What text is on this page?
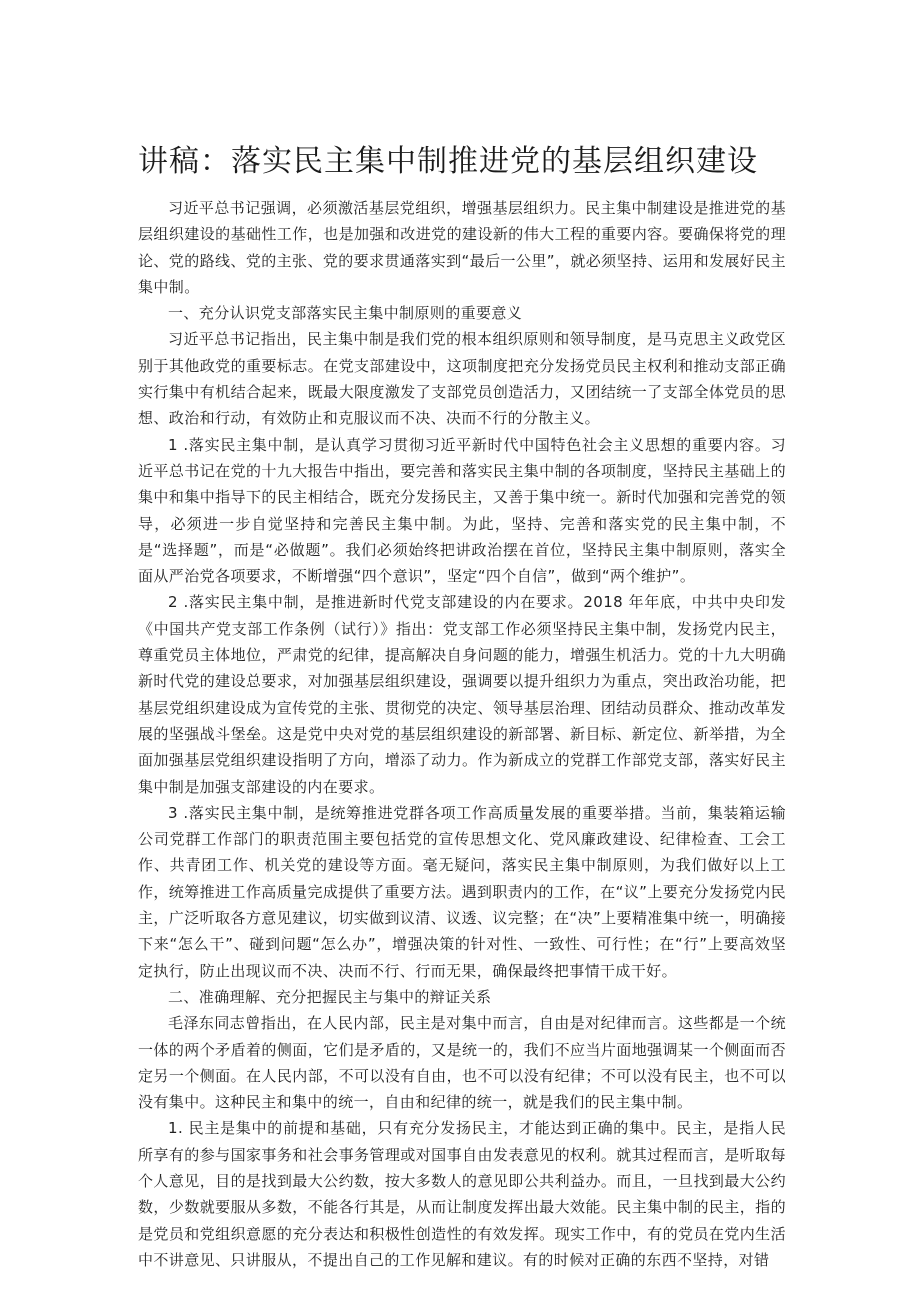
讲稿：落实民主集中制推进党的基层组织建设

习近平总书记强调，必须激活基层党组织，增强基层组织力。民主集中制建设是推进党的基层组织建设的基础性工作，也是加强和改进党的建设新的伟大工程的重要内容。要确保将党的理论、党的路线、党的主张、党的要求贯通落实到“最后一公里”，就必须坚持、运用和发展好民主集中制。

一、充分认识党支部落实民主集中制原则的重要意义

习近平总书记指出，民主集中制是我们党的根本组织原则和领导制度，是马克思主义政党区别于其他政党的重要标志。在党支部建设中，这项制度把充分发扬党员民主权利和推动支部正确实行集中有机结合起来，既最大限度激发了支部党员创造活力，又团结统一了支部全体党员的思想、政治和行动，有效防止和克服议而不决、决而不行的分散主义。

1 .落实民主集中制，是认真学习贯彻习近平新时代中国特色社会主义思想的重要内容。习近平总书记在党的十九大报告中指出，要完善和落实民主集中制的各项制度，坚持民主基础上的集中和集中指导下的民主相结合，既充分发扬民主，又善于集中统一。新时代加强和完善党的领导，必须进一步自觉坚持和完善民主集中制。为此，坚持、完善和落实党的民主集中制，不是“选择题”，而是“必做题”。我们必须始终把讲政治摆在首位，坚持民主集中制原则，落实全面从严治党各项要求，不断增强“四个意识”，坚定“四个自信”，做到“两个维护”。

2 .落实民主集中制，是推进新时代党支部建设的内在要求。2018 年年底，中共中央印发《中国共产党支部工作条例（试行）》指出：党支部工作必须坚持民主集中制，发扬党内民主，尊重党员主体地位，严肃党的纪律，提高解决自身问题的能力，增强生机活力。党的十九大明确新时代党的建设总要求，对加强基层组织建设，强调要以提升组织力为重点，突出政治功能，把基层党组织建设成为宣传党的主张、贯彻党的决定、领导基层治理、团结动员群众、推动改革发展的坚强战斗堡垒。这是党中央对党的基层组织建设的新部署、新目标、新定位、新举措，为全面加强基层党组织建设指明了方向，增添了动力。作为新成立的党群工作部党支部，落实好民主集中制是加强支部建设的内在要求。

3 .落实民主集中制，是统筹推进党群各项工作高质量发展的重要举措。当前，集装箱运输公司党群工作部门的职责范围主要包括党的宣传思想文化、党风廉政建设、纪律检查、工会工作、共青团工作、机关党的建设等方面。毫无疑问，落实民主集中制原则，为我们做好以上工作，统筹推进工作高质量完成提供了重要方法。遇到职责内的工作，在“议”上要充分发扬党内民主，广泛听取各方意见建议，切实做到议清、议透、议完整；在“决”上要精准集中统一，明确接下来“怎么干”、碰到问题“怎么办”，增强决策的针对性、一致性、可行性；在“行”上要高效坚定执行，防止出现议而不决、决而不行、行而无果，确保最终把事情干成干好。

二、准确理解、充分把握民主与集中的辩证关系

毛泽东同志曾指出，在人民内部，民主是对集中而言，自由是对纪律而言。这些都是一个统一体的两个矛盾着的侧面，它们是矛盾的，又是统一的，我们不应当片面地强调某一个侧面而否定另一个侧面。在人民内部，不可以没有自由，也不可以没有纪律；不可以没有民主，也不可以没有集中。这种民主和集中的统一，自由和纪律的统一，就是我们的民主集中制。

1. 民主是集中的前提和基础，只有充分发扬民主，才能达到正确的集中。民主，是指人民所享有的参与国家事务和社会事务管理或对国事自由发表意见的权利。就其过程而言，是听取每个人意见，目的是找到最大公约数，按大多数人的意见即公共利益办。而且，一旦找到最大公约数，少数就要服从多数，不能各行其是，从而让制度发挥出最大效能。民主集中制的民主，指的是党员和党组织意愿的充分表达和积极性创造性的有效发挥。现实工作中，有的党员在党内生活中不讲意见、只讲服从，不提出自己的工作见解和建议。有的时候对正确的东西不坚持，对错
